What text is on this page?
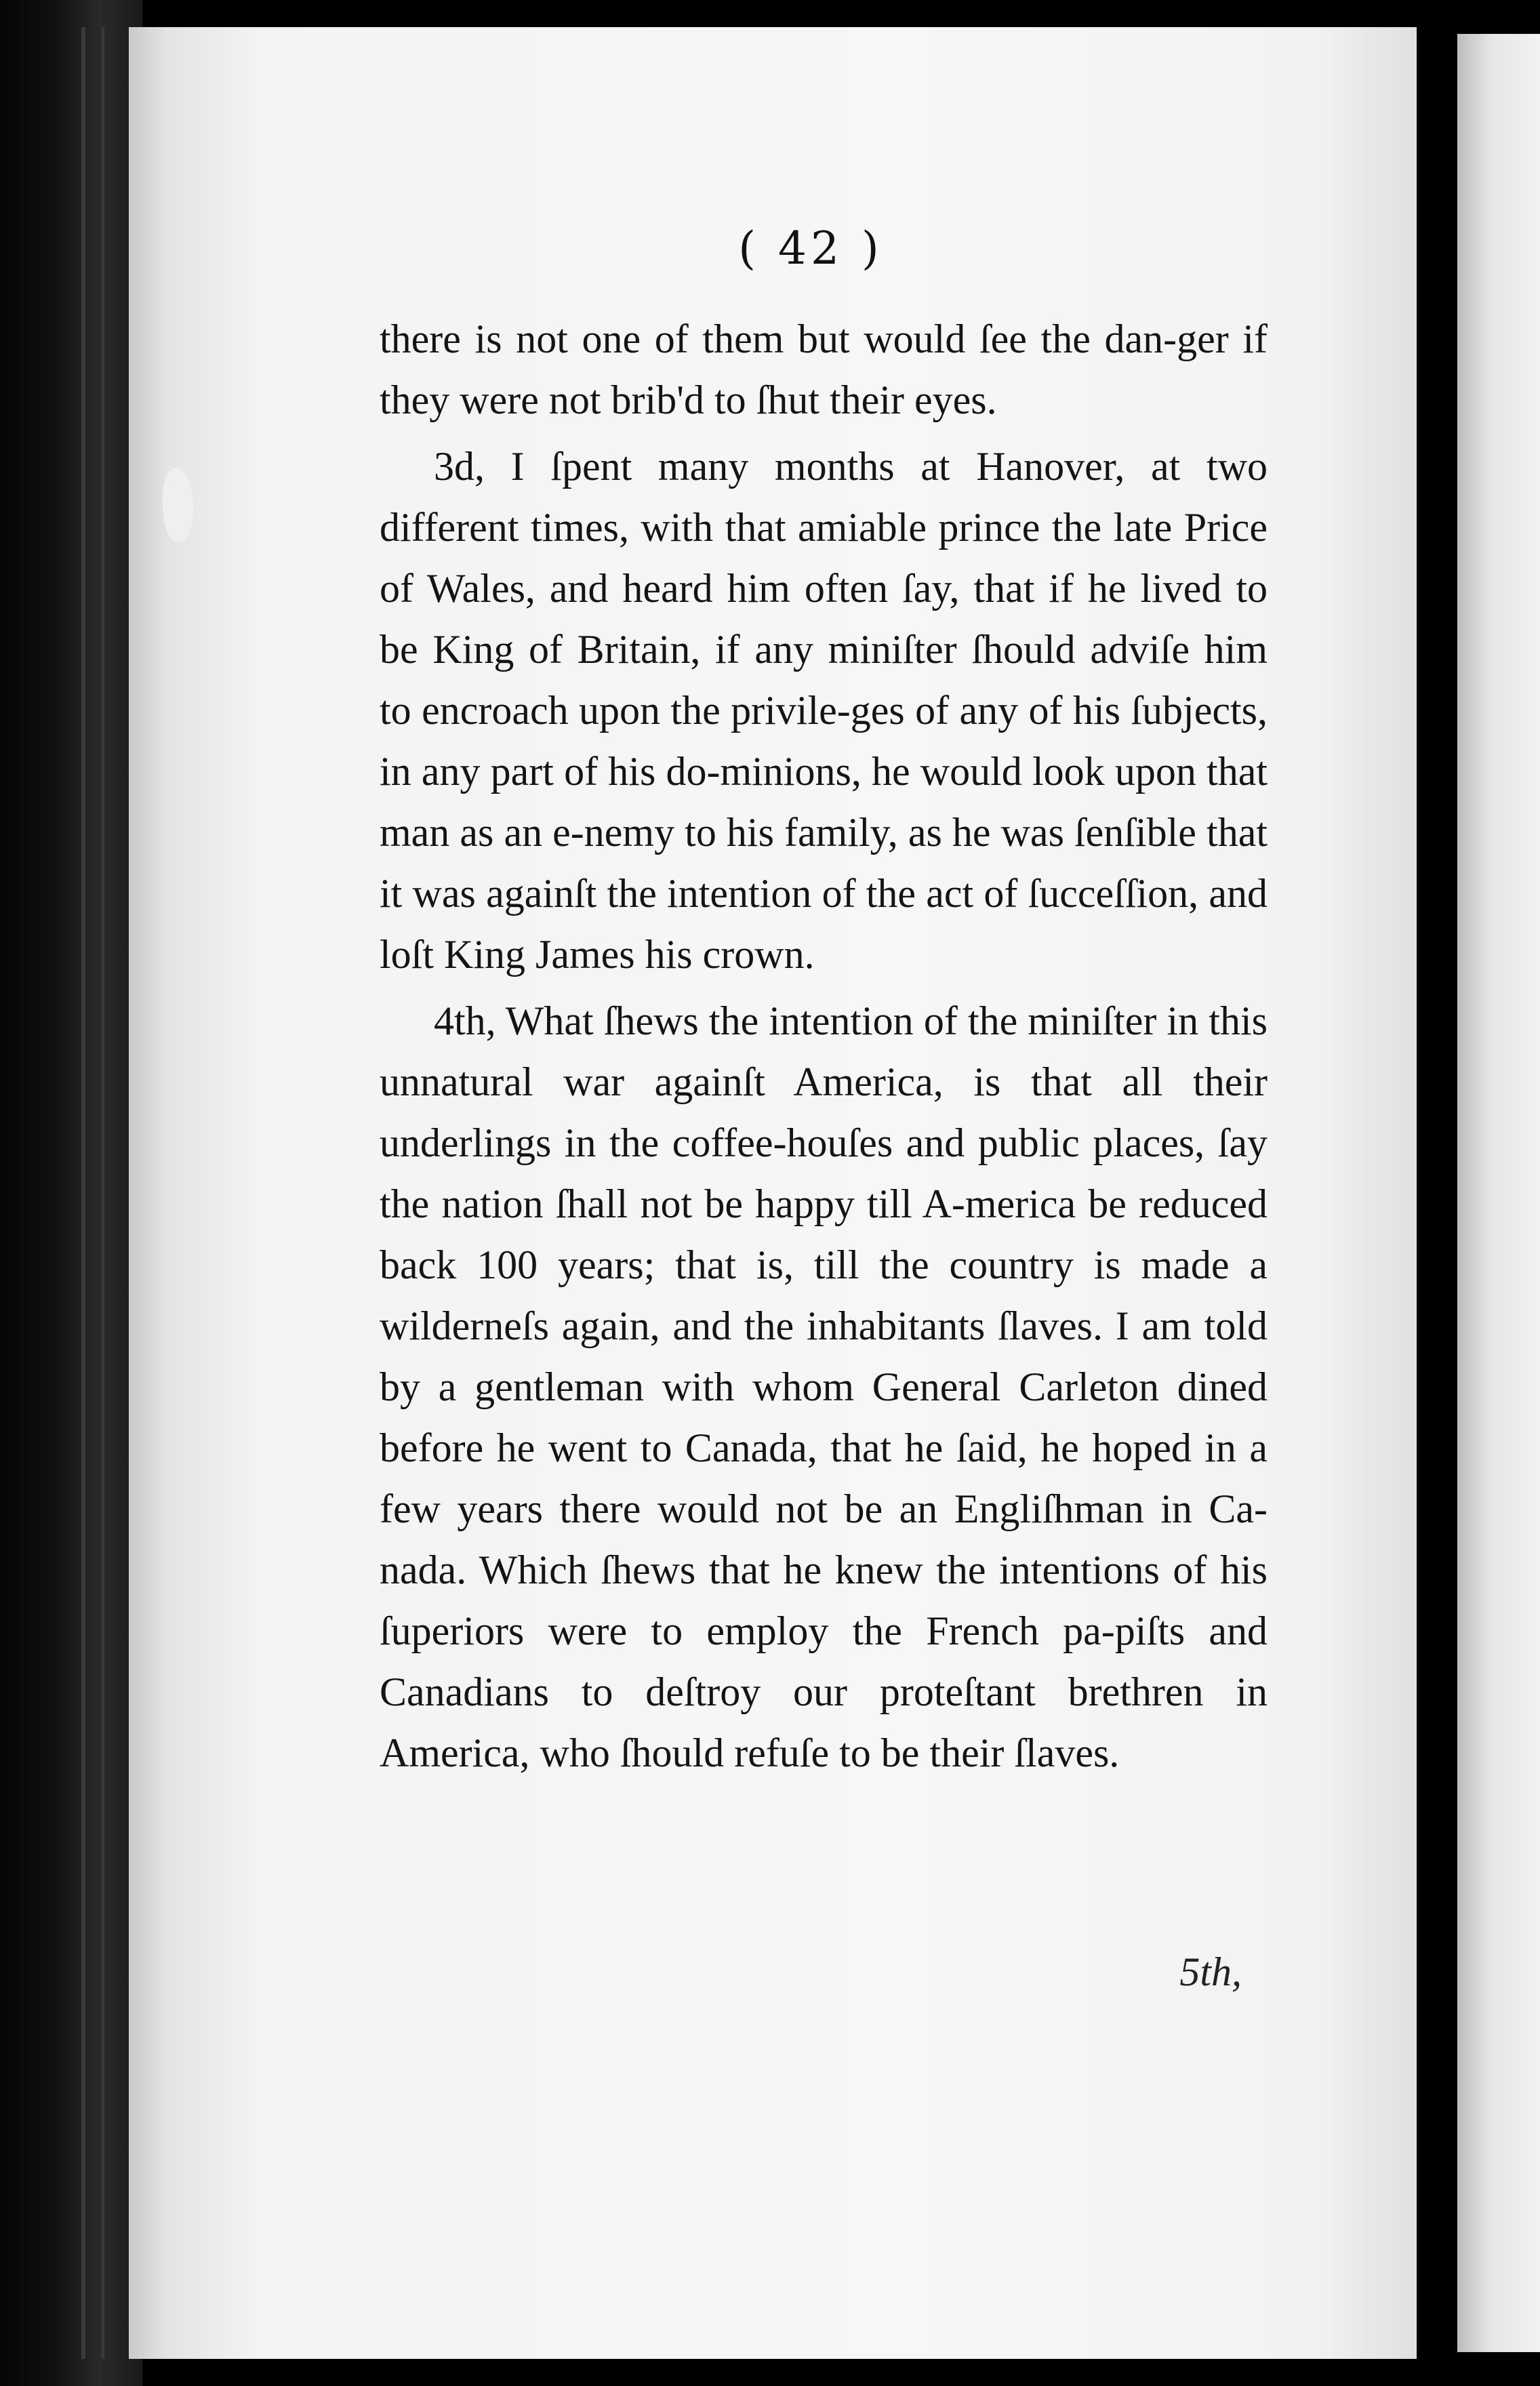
( 42 )

there is not one of them but would ſee the dan-ger if they were not brib'd to ſhut their eyes.

3d, I ſpent many months at Hanover, at two different times, with that amiable prince the late Price of Wales, and heard him often ſay, that if he lived to be King of Britain, if any miniſter ſhould adviſe him to encroach upon the privile-ges of any of his ſubjects, in any part of his do-minions, he would look upon that man as an e-nemy to his family, as he was ſenſible that it was againſt the intention of the act of ſucceſſion, and loſt King James his crown.

4th, What ſhews the intention of the miniſter in this unnatural war againſt America, is that all their underlings in the coffee-houſes and public places, ſay the nation ſhall not be happy till A-merica be reduced back 100 years; that is, till the country is made a wilderneſs again, and the inhabitants ſlaves. I am told by a gentleman with whom General Carleton dined before he went to Canada, that he ſaid, he hoped in a few years there would not be an Engliſhman in Ca-nada. Which ſhews that he knew the intentions of his ſuperiors were to employ the French pa-piſts and Canadians to deſtroy our proteſtant brethren in America, who ſhould refuſe to be their ſlaves.

5th,
